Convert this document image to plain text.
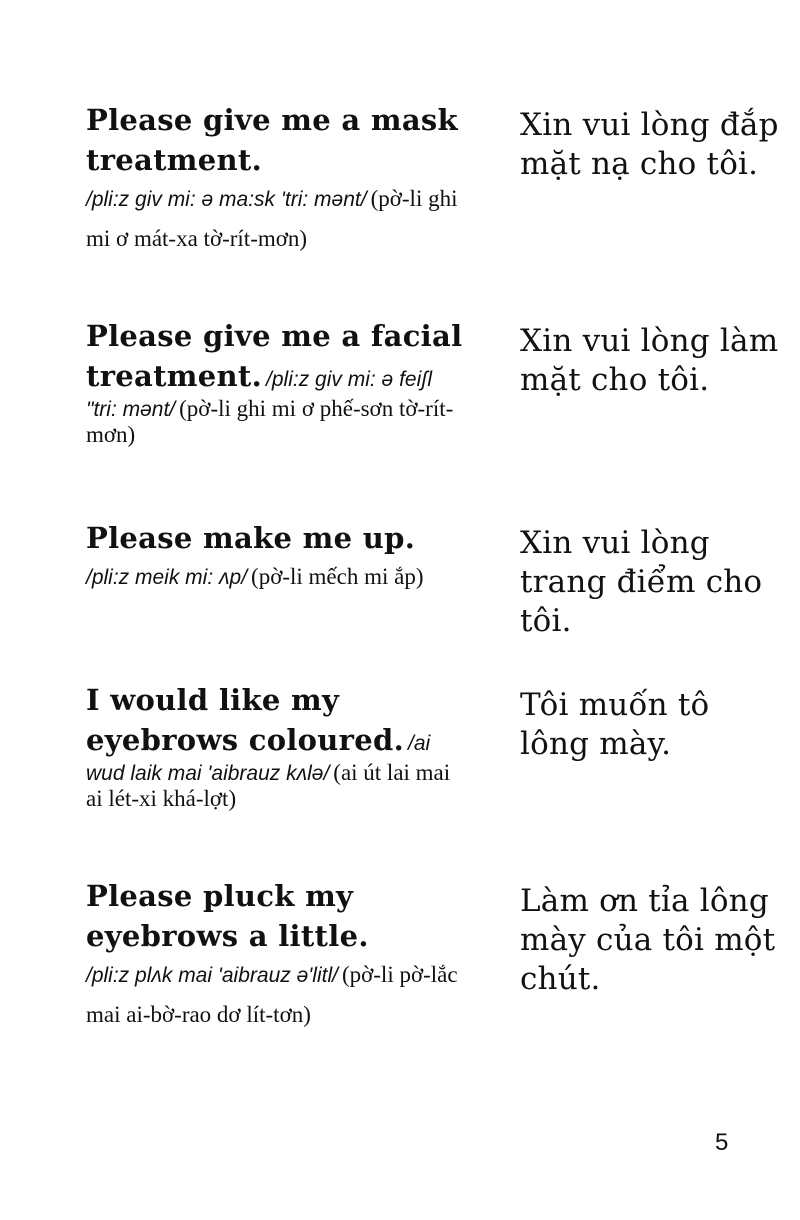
Please give me a mask treatment.
/pli:z giv mi: ə ma:sk 'tri: mənt/ (pờ-li ghi mi ơ mát-xa tờ-rít-mơn)
Xin vui lòng đắp mặt nạ cho tôi.
Please give me a facial treatment. /pli:z giv mi: ə feiʃl "tri: mənt/ (pờ-li ghi mi ơ phế-sơn tờ-rít-mơn)
Xin vui lòng làm mặt cho tôi.
Please make me up.
/pli:z meik mi: ʌp/ (pờ-li mếch mi ắp)
Xin vui lòng trang điểm cho tôi.
I would like my eyebrows coloured. /ai wud laik mai 'aibrauz kʌlə/ (ai út lai mai ai lét-xi khá-lợt)
Tôi muốn tô lông mày.
Please pluck my eyebrows a little.
/pli:z plʌk mai 'aibrauz ə'litl/ (pờ-li pờ-lắc mai ai-bờ-rao dơ lít-tơn)
Làm ơn tỉa lông mày của tôi một chút.
5
